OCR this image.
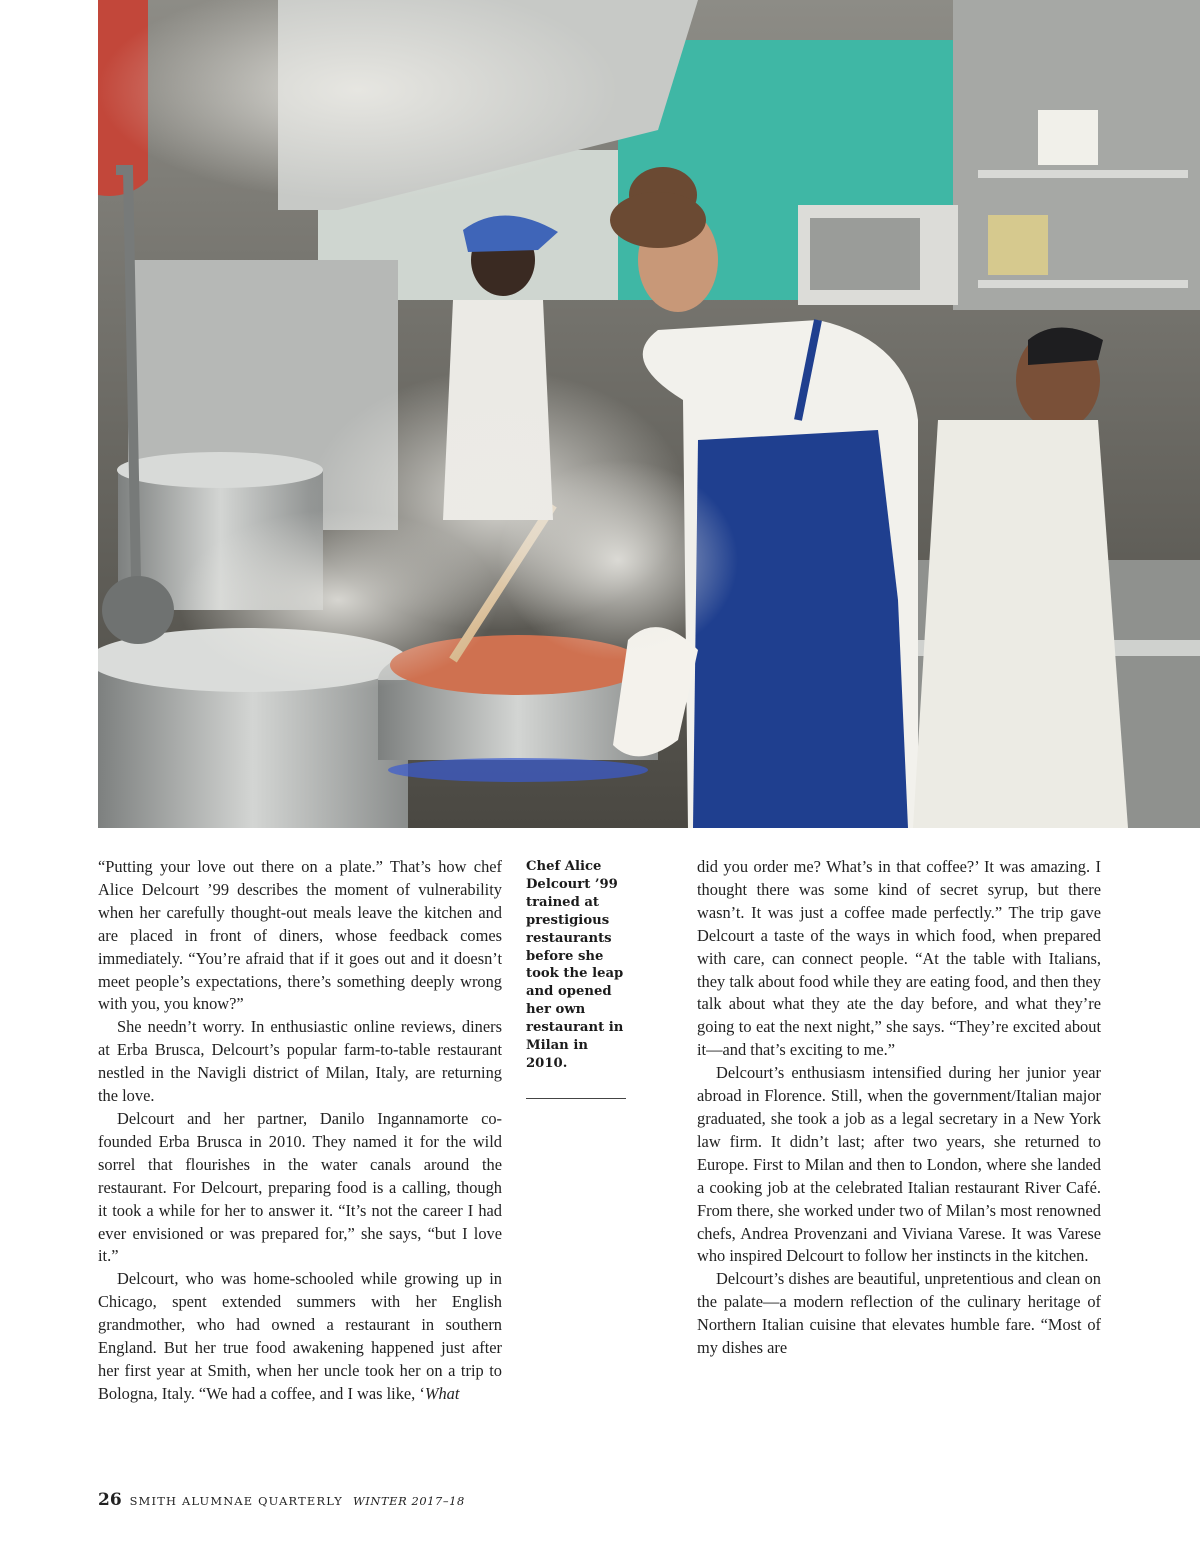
“Putting your love out there on a plate.” That’s how chef Alice Delcourt ’99 describes the moment of vulnerability when her carefully thought-out meals leave the kitchen and are placed in front of diners, whose feedback comes immediately. “You’re afraid that if it goes out and it doesn’t meet people’s expectations, there’s something deeply wrong with you, you know?”

She needn’t worry. In enthusiastic online reviews, diners at Erba Brusca, Delcourt’s popular farm-to-table restaurant nestled in the Navigli district of Milan, Italy, are returning the love.

Delcourt and her partner, Danilo Ingannamorte co-founded Erba Brusca in 2010. They named it for the wild sorrel that flourishes in the water canals around the restaurant. For Delcourt, preparing food is a calling, though it took a while for her to answer it. “It’s not the career I had ever envisioned or was prepared for,” she says, “but I love it.”

Delcourt, who was home-schooled while growing up in Chicago, spent extended summers with her English grandmother, who had owned a restaurant in southern England. But her true food awakening happened just after her first year at Smith, when her uncle took her on a trip to Bologna, Italy. “We had a coffee, and I was like, ‘What

Chef Alice Delcourt ’99 trained at prestigious restaurants before she took the leap and opened her own restaurant in Milan in 2010.

did you order me? What’s in that coffee?’ It was amazing. I thought there was some kind of secret syrup, but there wasn’t. It was just a coffee made perfectly.” The trip gave Delcourt a taste of the ways in which food, when prepared with care, can connect people. “At the table with Italians, they talk about food while they are eating food, and then they talk about what they ate the day before, and what they’re going to eat the next night,” she says. “They’re excited about it—and that’s exciting to me.”

Delcourt’s enthusiasm intensified during her junior year abroad in Florence. Still, when the government/Italian major graduated, she took a job as a legal secretary in a New York law firm. It didn’t last; after two years, she returned to Europe. First to Milan and then to London, where she landed a cooking job at the celebrated Italian restaurant River Café. From there, she worked under two of Milan’s most renowned chefs, Andrea Provenzani and Viviana Varese. It was Varese who inspired Delcourt to follow her instincts in the kitchen.

Delcourt’s dishes are beautiful, unpretentious and clean on the palate—a modern reflection of the culinary heritage of Northern Italian cuisine that elevates humble fare. “Most of my dishes are

26 SMITH ALUMNAE QUARTERLY WINTER 2017–18
